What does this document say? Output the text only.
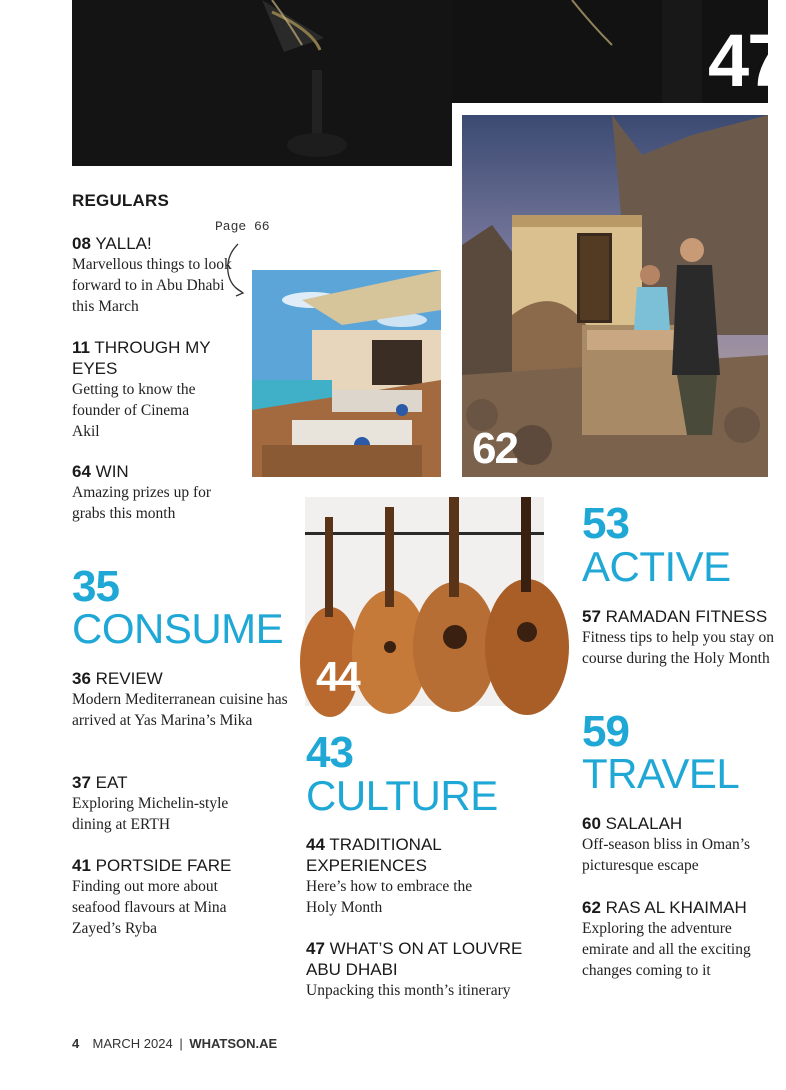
47
62
44
REGULARS
Page 66
08 YALLA!
Marvellous things to look forward to in Abu Dhabi this March
11 THROUGH MY EYES
Getting to know the founder of Cinema Akil
64 WIN
Amazing prizes up for grabs this month
35
CONSUME
36 REVIEW
Modern Mediterranean cuisine has arrived at Yas Marina’s Mika
37 EAT
Exploring Michelin-style dining at ERTH
41 PORTSIDE FARE
Finding out more about seafood flavours at Mina Zayed’s Ryba
43
CULTURE
44 TRADITIONAL EXPERIENCES
Here’s how to embrace the Holy Month
47 WHAT’S ON AT LOUVRE ABU DHABI
Unpacking this month’s itinerary
53
ACTIVE
57 RAMADAN FITNESS
Fitness tips to help you stay on course during the Holy Month
59
TRAVEL
60 SALALAH
Off-season bliss in Oman’s picturesque escape
62 RAS AL KHAIMAH
Exploring the adventure emirate and all the exciting changes coming to it
4 MARCH 2024 | WHATSON.AE
